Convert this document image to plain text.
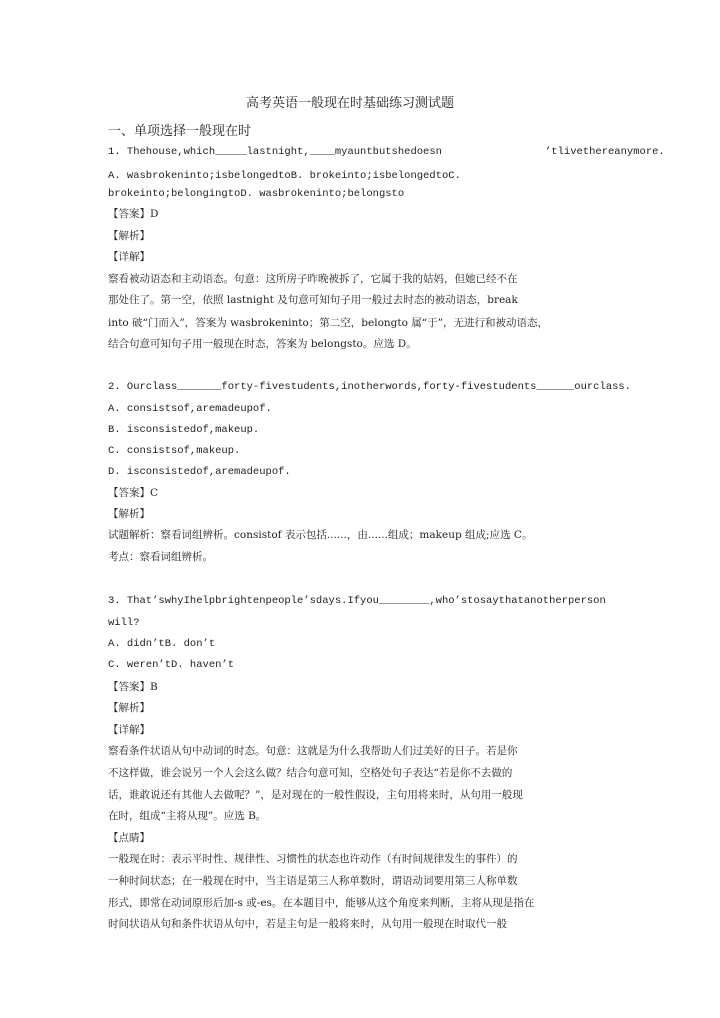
高考英语一般现在时基础练习测试题
一、单项选择一般现在时
1. Thehouse,which_____lastnight,____myauntbutshedoesn	’tlivethereanymore.
A. wasbrokeninto;isbelongedtoB. brokeinto;isbelongedtoC.
brokeinto;belongingtoD. wasbrokeninto;belongsto
【答案】D
【解析】
【详解】
察看被动语态和主动语态。句意：这所房子昨晚被拆了，它属于我的姑妈，但她已经不在
那处住了。第一空，依照 lastnight 及句意可知句子用一般过去时态的被动语态，break
into 破“门而入”，答案为 wasbrokeninto；第二空，belongto 属“于”，无进行和被动语态，
结合句意可知句子用一般现在时态，答案为 belongsto。应选 D。
2. Ourclass_______forty-fivestudents,inotherwords,forty-fivestudents______ourclass.
A. consistsof,aremadeupof.
B. isconsistedof,makeup.
C. consistsof,makeup.
D. isconsistedof,aremadeupof.
【答案】C
【解析】
试题解析：察看词组辨析。consistof 表示包括......，由......组成；makeup 组成;应选 C。
考点：察看词组辨析。
3. That’swhyIhelpbrightenpeople’sdays.Ifyou________,who’stosaythatanotherperson
will?
A. didn’tB. don’t
C. weren’tD. haven’t
【答案】B
【解析】
【详解】
察看条件状语从句中动词的时态。句意：这就是为什么我帮助人们过美好的日子。若是你
不这样做，谁会说另一个人会这么做？结合句意可知，空格处句子表达“若是你不去做的
话，谁敢说还有其他人去做呢？”，是对现在的一般性假设，主句用将来时，从句用一般现
在时，组成“主将从现”。应选 B。
【点睛】
一般现在时：表示平时性、规律性、习惯性的状态也许动作（有时间规律发生的事件）的
一种时间状态；在一般现在时中，当主语是第三人称单数时，谓语动词要用第三人称单数
形式，即常在动词原形后加-s 或-es。在本题目中，能够从这个角度来判断，主将从现是指在
时间状语从句和条件状语从句中，若是主句是一般将来时，从句用一般现在时取代一般
